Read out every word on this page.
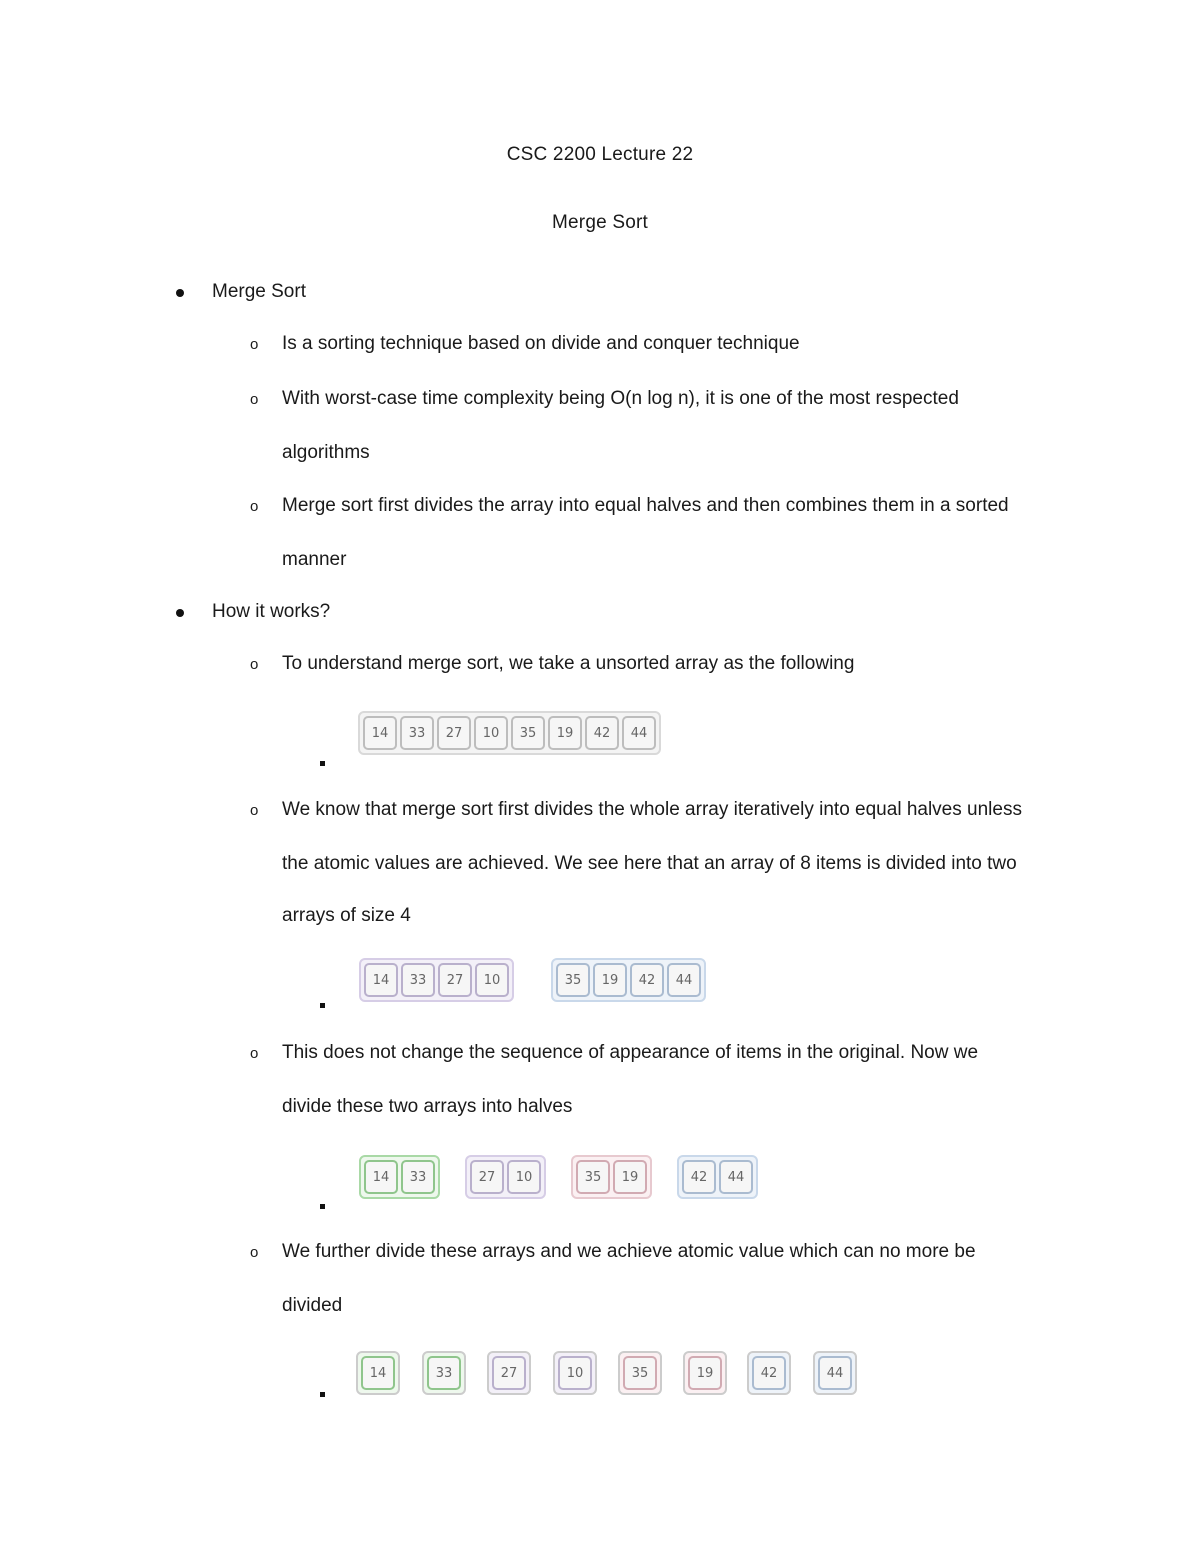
CSC 2200 Lecture 22
Merge Sort
Merge Sort
o Is a sorting technique based on divide and conquer technique
o With worst-case time complexity being O(n log n), it is one of the most respected
algorithms
o Merge sort first divides the array into equal halves and then combines them in a sorted
manner
How it works?
o To understand merge sort, we take a unsorted array as the following
14	33	27	10	35	19	42	44
o We know that merge sort first divides the whole array iteratively into equal halves unless
the atomic values are achieved. We see here that an array of 8 items is divided into two
arrays of size 4
14	33	27	10	35	19	42	44
o This does not change the sequence of appearance of items in the original. Now we
divide these two arrays into halves
14	33	27	10	35	19	42	44
o We further divide these arrays and we achieve atomic value which can no more be
divided
14	33	27	10	35	19	42	44
